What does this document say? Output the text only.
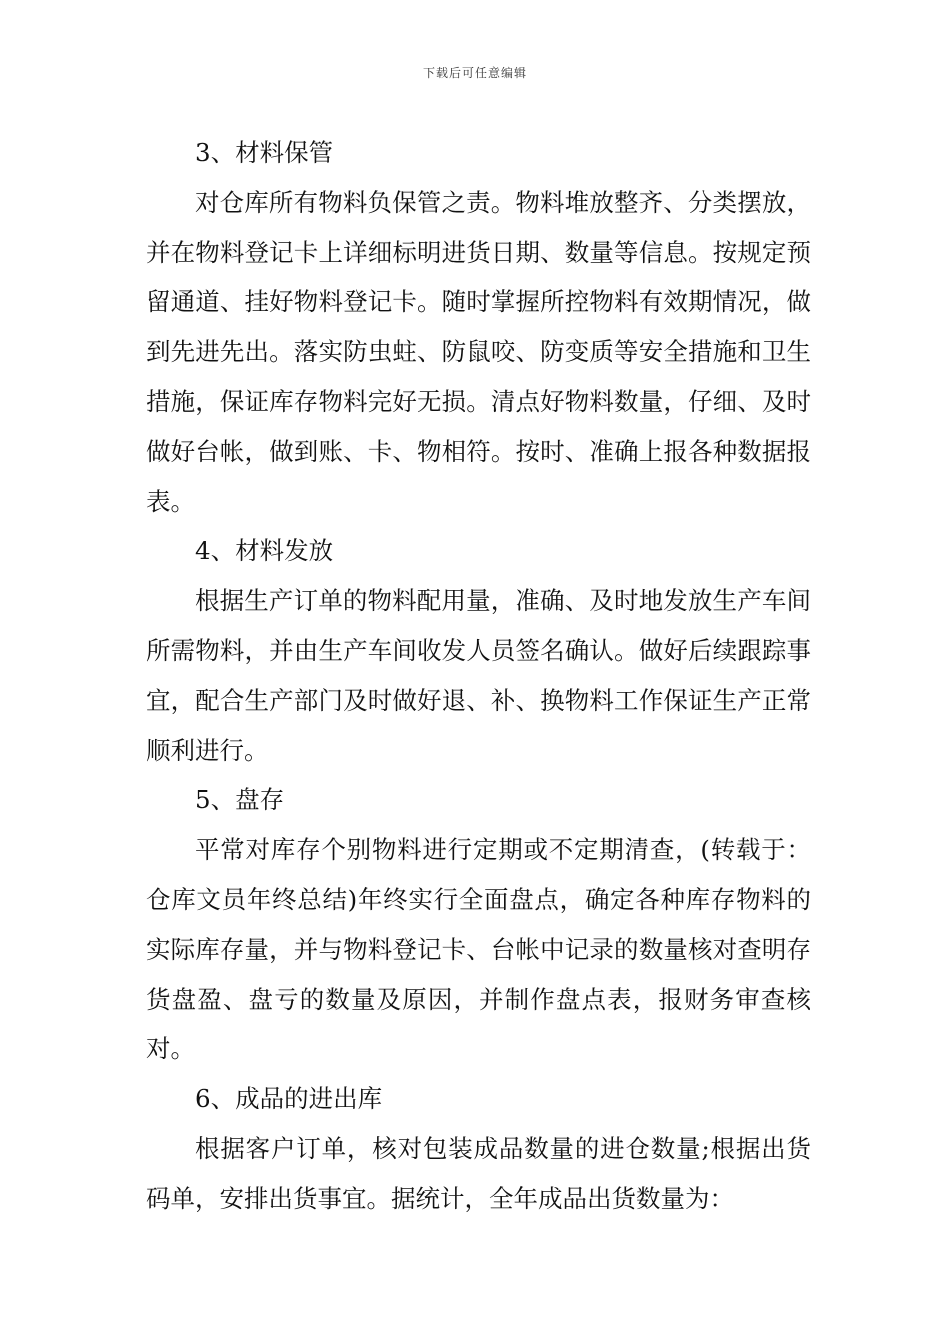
下载后可任意编辑

3、材料保管

对仓库所有物料负保管之责。物料堆放整齐、分类摆放，并在物料登记卡上详细标明进货日期、数量等信息。按规定预留通道、挂好物料登记卡。随时掌握所控物料有效期情况，做到先进先出。落实防虫蛀、防鼠咬、防变质等安全措施和卫生措施，保证库存物料完好无损。清点好物料数量，仔细、及时做好台帐，做到账、卡、物相符。按时、准确上报各种数据报表。

4、材料发放

根据生产订单的物料配用量，准确、及时地发放生产车间所需物料，并由生产车间收发人员签名确认。做好后续跟踪事宜，配合生产部门及时做好退、补、换物料工作保证生产正常顺利进行。

5、盘存

平常对库存个别物料进行定期或不定期清查，(转载于：仓库文员年终总结)年终实行全面盘点，确定各种库存物料的实际库存量，并与物料登记卡、台帐中记录的数量核对查明存货盘盈、盘亏的数量及原因，并制作盘点表，报财务审查核对。

6、成品的进出库

根据客户订单，核对包装成品数量的进仓数量;根据出货码单，安排出货事宜。据统计，全年成品出货数量为：
